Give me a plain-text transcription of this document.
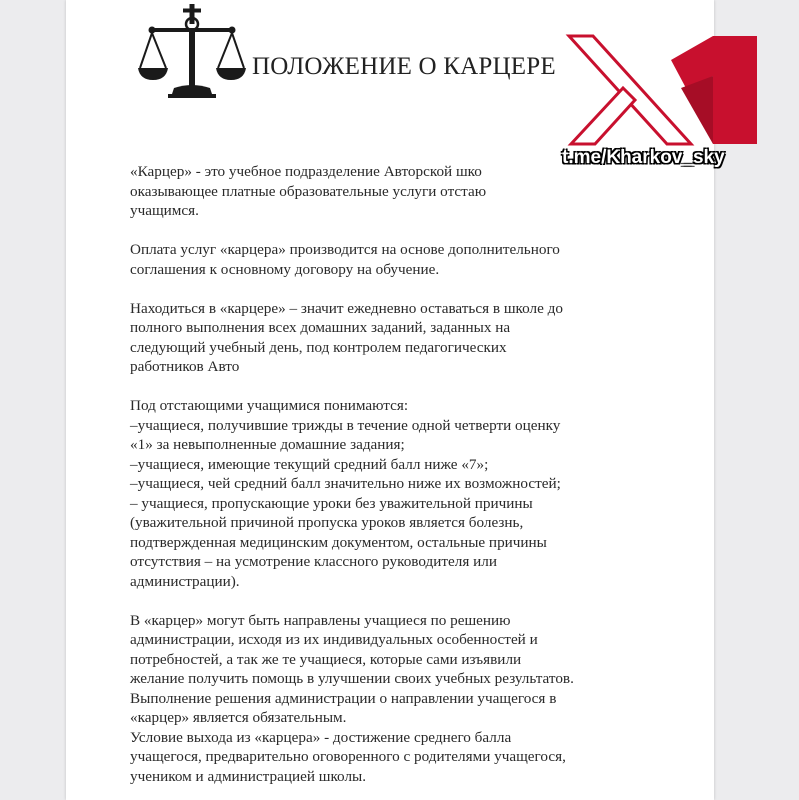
ПОЛОЖЕНИЕ О КАРЦЕРЕ
«Карцер» - это учебное подразделение Авторской шко
оказывающее платные образовательные услуги отстаю
учащимся.
Оплата услуг «карцера» производится на основе дополнительного
соглашения к основному договору на обучение.
Находиться в «карцере» – значит ежедневно оставаться в школе до
полного выполнения всех домашних заданий, заданных на
следующий учебный день, под контролем педагогических
работников Авто
Под отстающими учащимися понимаются:
–учащиеся, получившие трижды в течение одной четверти оценку
«1» за невыполненные домашние задания;
–учащиеся, имеющие текущий средний балл ниже «7»;
–учащиеся, чей средний балл значительно ниже их возможностей;
– учащиеся, пропускающие уроки без уважительной причины
(уважительной причиной пропуска уроков является болезнь,
подтвержденная медицинским документом, остальные причины
отсутствия – на усмотрение классного руководителя или
администрации).
В «карцер» могут быть направлены учащиеся по решению
администрации, исходя из их индивидуальных особенностей и
потребностей, а так же те учащиеся, которые сами изъявили
желание получить помощь в улучшении своих учебных результатов.
Выполнение решения администрации о направлении учащегося в
«карцер» является обязательным.
Условие выхода из «карцера» - достижение среднего балла
учащегося, предварительно оговоренного с родителями учащегося,
учеником и администрацией школы.
t.me/Kharkov_sky
